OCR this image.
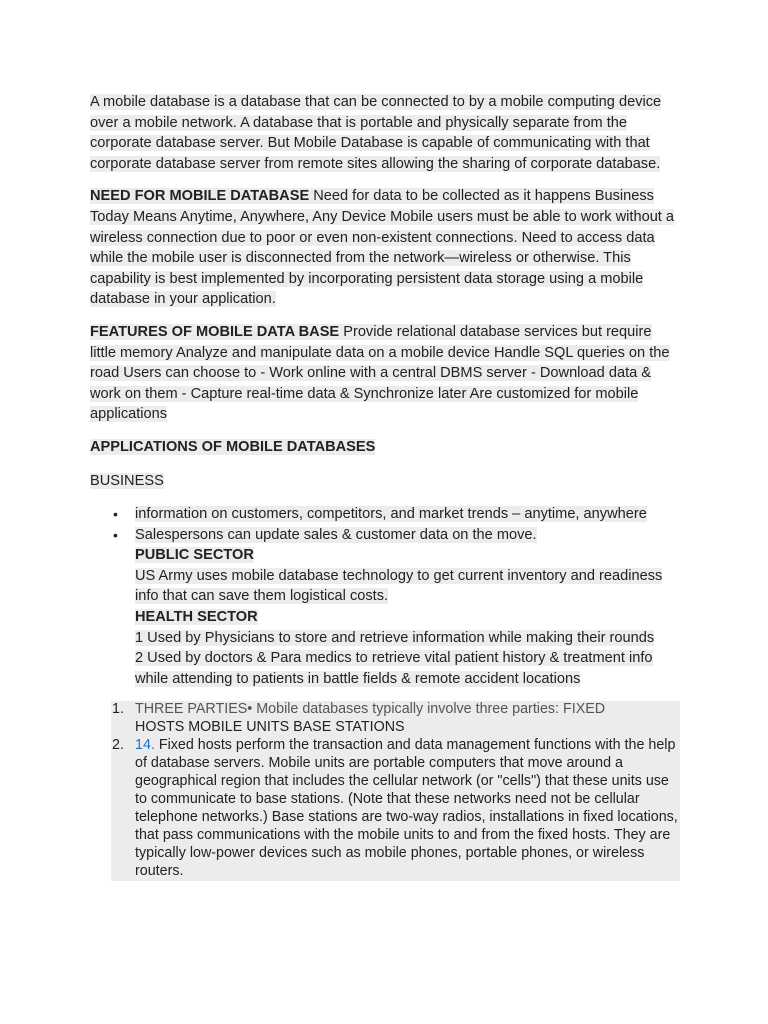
A mobile database is a database that can be connected to by a mobile computing device over a mobile network. A database that is portable and physically separate from the corporate database server. But Mobile Database is capable of communicating with that corporate database server from remote sites allowing the sharing of corporate database.

NEED FOR MOBILE DATABASE Need for data to be collected as it happens Business Today Means Anytime, Anywhere, Any Device Mobile users must be able to work without a wireless connection due to poor or even non-existent connections. Need to access data while the mobile user is disconnected from the network—wireless or otherwise. This capability is best implemented by incorporating persistent data storage using a mobile database in your application.

FEATURES OF MOBILE DATA BASE Provide relational database services but require little memory Analyze and manipulate data on a mobile device Handle SQL queries on the road Users can choose to - Work online with a central DBMS server - Download data & work on them - Capture real-time data & Synchronize later Are customized for mobile applications

APPLICATIONS OF MOBILE DATABASES

BUSINESS

• information on customers, competitors, and market trends – anytime, anywhere
• Salespersons can update sales & customer data on the move.
PUBLIC SECTOR
US Army uses mobile database technology to get current inventory and readiness info that can save them logistical costs.
HEALTH SECTOR
1 Used by Physicians to store and retrieve information while making their rounds
2 Used by doctors & Para medics to retrieve vital patient history & treatment info while attending to patients in battle fields & remote accident locations
1. THREE PARTIES• Mobile databases typically involve three parties: FIXED
HOSTS MOBILE UNITS BASE STATIONS
2. 14. Fixed hosts perform the transaction and data management functions with the help of database servers. Mobile units are portable computers that move around a geographical region that includes the cellular network (or "cells") that these units use to communicate to base stations. (Note that these networks need not be cellular telephone networks.) Base stations are two-way radios, installations in fixed locations, that pass communications with the mobile units to and from the fixed hosts. They are typically low-power devices such as mobile phones, portable phones, or wireless routers.
